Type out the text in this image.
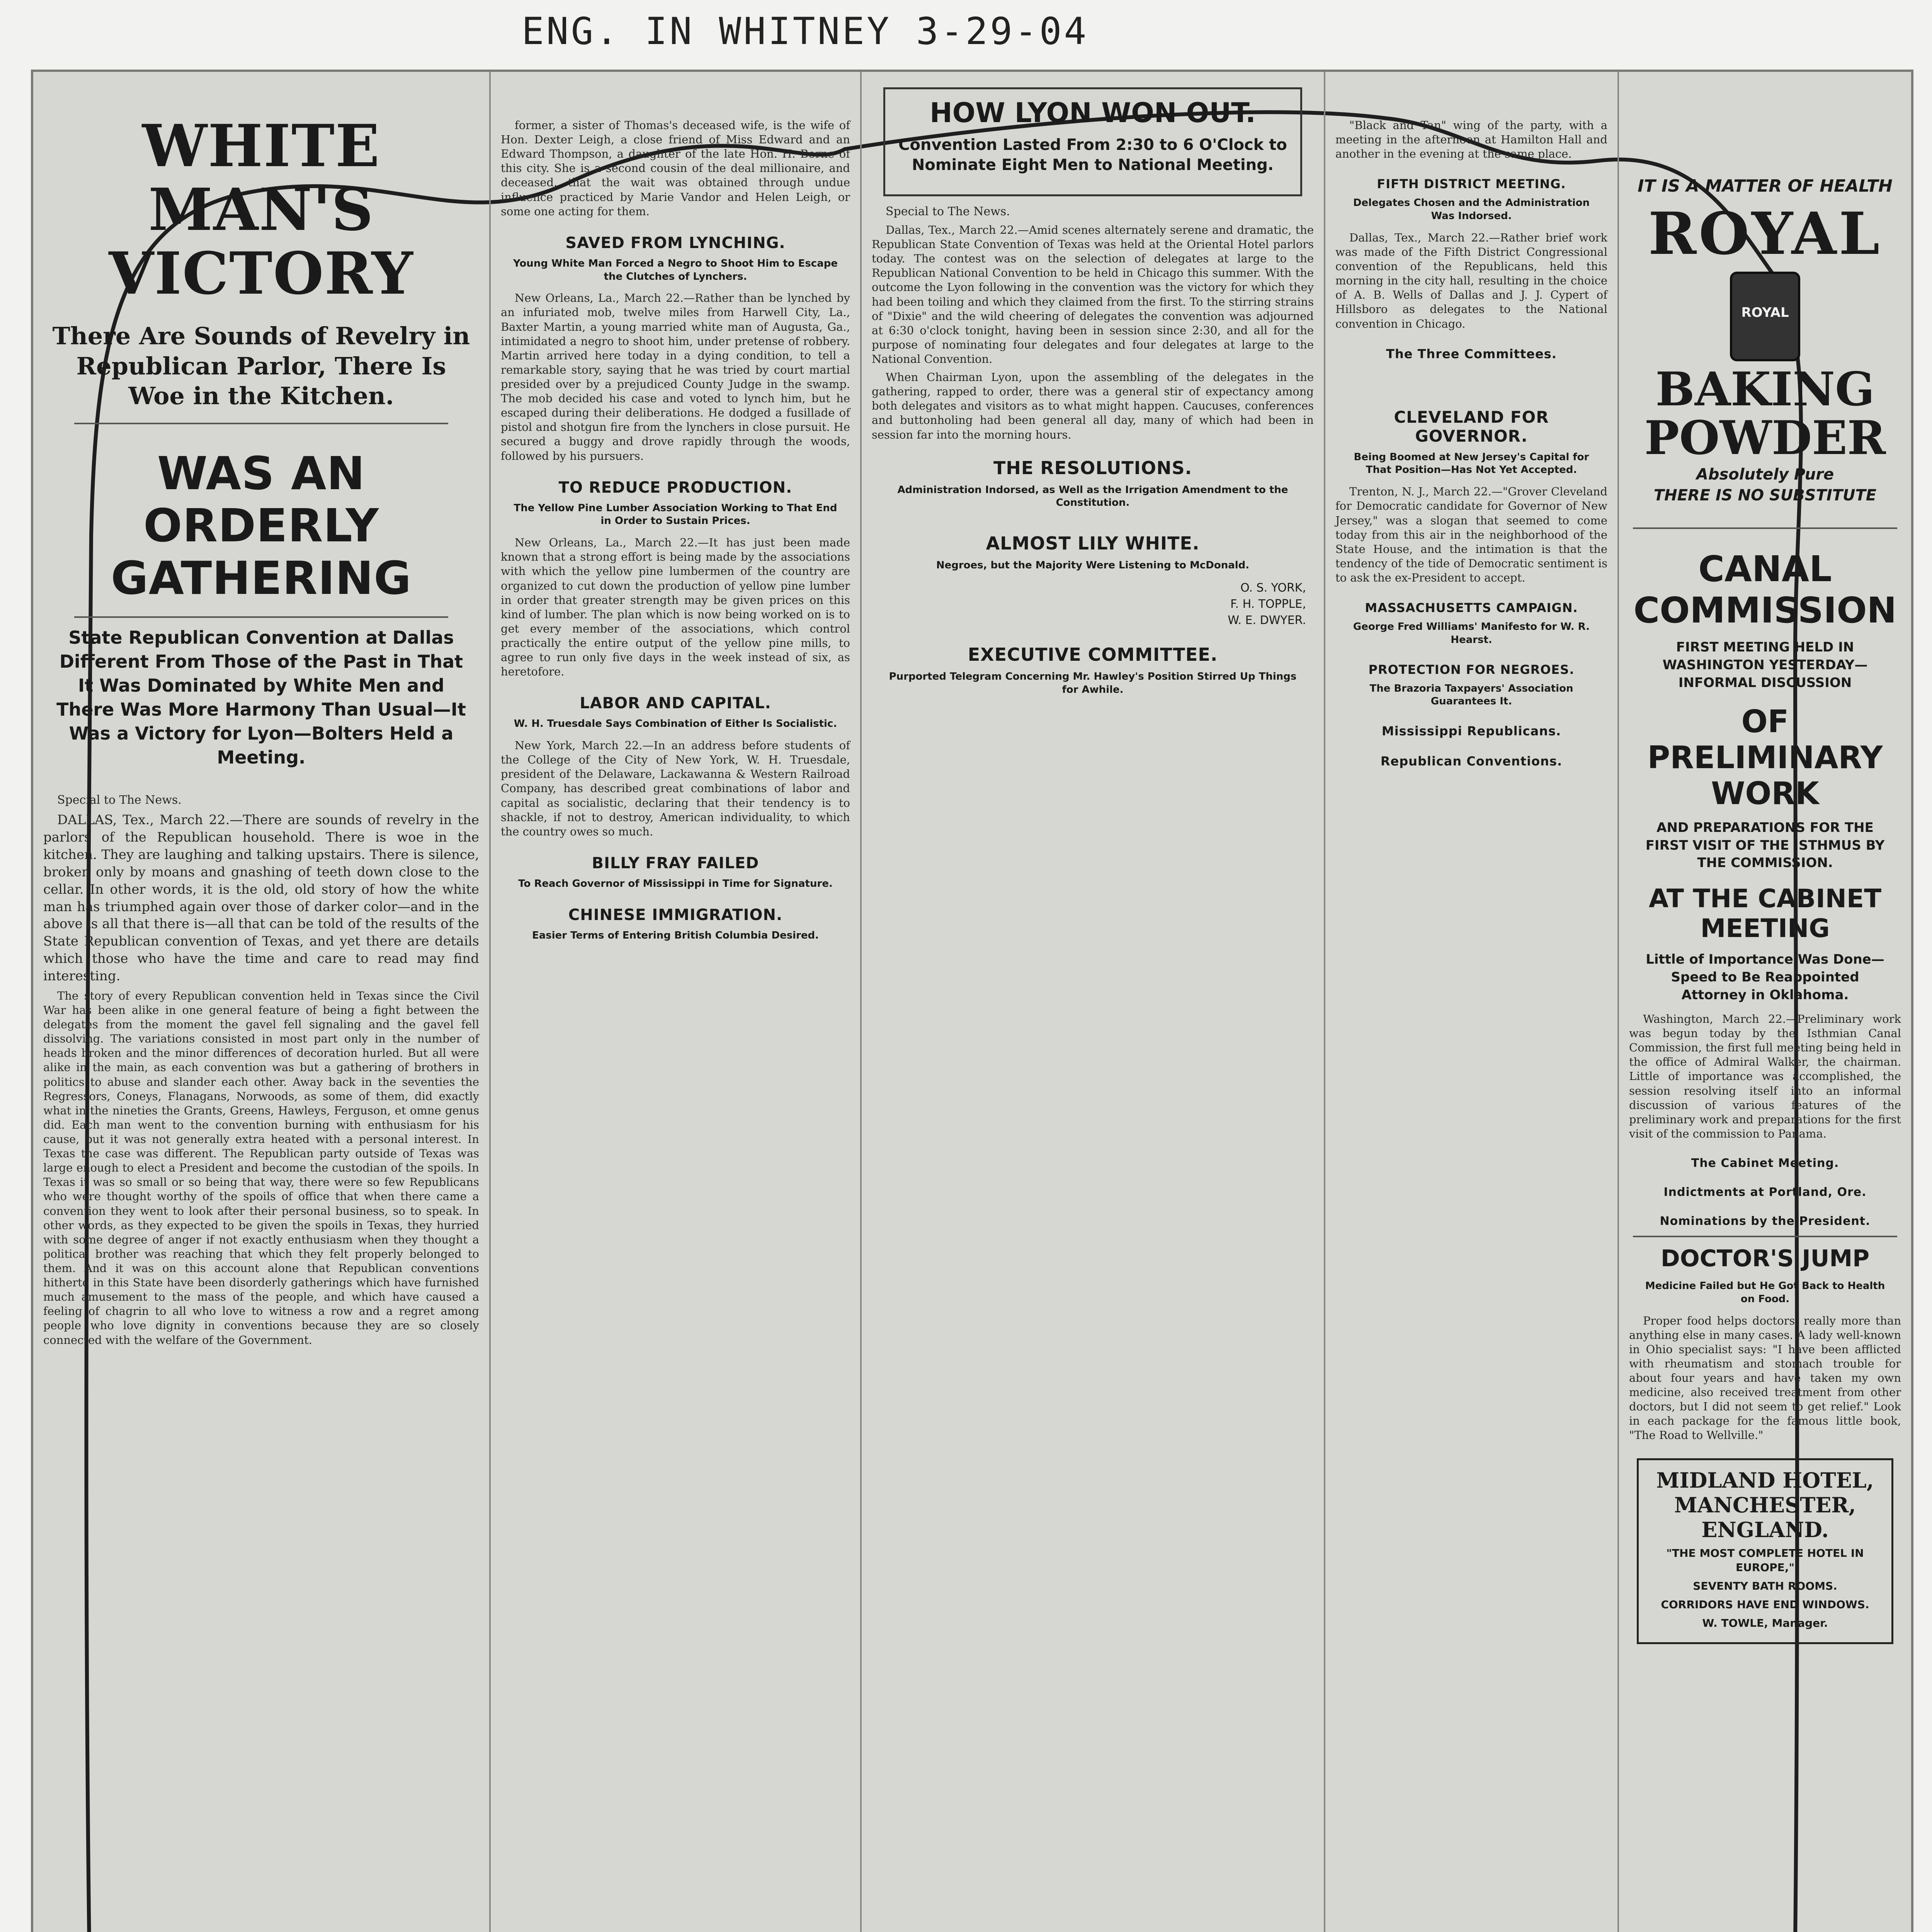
ENG. IN WHITNEY 3-29-04
WHITE MAN'S VICTORY
There Are Sounds of Revelry in Republican Parlor, There Is Woe in the Kitchen.
WAS AN ORDERLY GATHERING
State Republican Convention at Dallas Different From Those of the Past in That It Was Dominated by White Men and There Was More Harmony Than Usual—It Was a Victory for Lyon—Bolters Held a Meeting.

Special to The News.

DALLAS, Tex., March 22.—There are sounds of revelry in the parlors of the Republican household. There is woe in the kitchen. They are laughing and talking upstairs. There is silence, broken only by moans and gnashing of teeth down close to the cellar. In other words, it is the old, old story of how the white man has triumphed again over those of darker color—and in the above is all that there is—all that can be told of the results of the State Republican convention of Texas, and yet there are details which those who have the time and care to read may find interesting.

The story of every Republican convention held in Texas since the Civil War has been alike in one general feature of being a fight between the delegates from the moment the gavel fell signaling and the gavel fell dissolving. The variations consisted in most part only in the number of heads broken and the minor differences of decoration hurled. But all were alike in the main, as each convention was but a gathering of brothers in politics to abuse and slander each other. Away back in the seventies the Regressors, Coneys, Flanagans, Norwoods, as some of them, did exactly what in the nineties the Grants, Greens, Hawleys, Ferguson, et omne genus did. Each man went to the convention burning with enthusiasm for his cause, but it was not generally extra heated with a personal interest. In Texas the case was different. The Republican party outside of Texas was large enough to elect a President and become the custodian of the spoils. In Texas it was so small or so being that way, there were so few Republicans who were thought worthy of the spoils of office that when there came a convention they went to look after their personal business, so to speak. In other words, as they expected to be given the spoils in Texas, they hurried with some degree of anger if not exactly enthusiasm when they thought a political brother was reaching that which they felt properly belonged to them. And it was on this account alone that Republican conventions hitherto in this State have been disorderly gatherings which have furnished much amusement to the mass of the people, and which have caused a feeling of chagrin to all who love to witness a row and a regret among people who love dignity in conventions because they are so closely connected with the welfare of the Government.

former, a sister of Thomas's deceased wife, is the wife of Hon. Dexter Leigh, a close friend of Miss Edward and an Edward Thompson, a daughter of the late Hon. H. Borne of this city. She is a second cousin of the deal millionaire, and deceased, that the wait was obtained through undue influence practiced by Marie Vandor and Helen Leigh, or some one acting for them.

SAVED FROM LYNCHING.
Young White Man Forced a Negro to Shoot Him to Escape the Clutches of Lynchers.

New Orleans, La., March 22.—Rather than be lynched by an infuriated mob, twelve miles from Harwell City, La., Baxter Martin, a young married white man of Augusta, Ga., intimidated a negro to shoot him, under pretense of robbery. Martin arrived here today in a dying condition, to tell a remarkable story, saying that he was tried by court martial presided over by a prejudiced County Judge in the swamp. The mob decided his case and voted to lynch him, but he escaped during their deliberations. He dodged a fusillade of pistol and shotgun fire from the lynchers in close pursuit. He secured a buggy and drove rapidly through the woods, followed by his pursuers.

TO REDUCE PRODUCTION.
The Yellow Pine Lumber Association Working to That End in Order to Sustain Prices.

New Orleans, La., March 22.—It has just been made known that a strong effort is being made by the associations with which the yellow pine lumbermen of the country are organized to cut down the production of yellow pine lumber in order that greater strength may be given prices on this kind of lumber. The plan which is now being worked on is to get every member of the associations, which control practically the entire output of the yellow pine mills, to agree to run only five days in the week instead of six, as heretofore.

LABOR AND CAPITAL.
W. H. Truesdale Says Combination of Either Is Socialistic.

New York, March 22.—In an address before students of the College of the City of New York, W. H. Truesdale, president of the Delaware, Lackawanna & Western Railroad Company, has described great combinations of labor and capital as socialistic, declaring that their tendency is to shackle, if not to destroy, American individuality, to which the country owes so much.

BILLY FRAY FAILED
To Reach Governor of Mississippi in Time for Signature.
CHINESE IMMIGRATION.
Easier Terms of Entering British Columbia Desired.
HOW LYON WON OUT.
Convention Lasted From 2:30 to 6 O'Clock to Nominate Eight Men to National Meeting.

Special to The News.

Dallas, Tex., March 22.—Amid scenes alternately serene and dramatic, the Republican State Convention of Texas was held at the Oriental Hotel parlors today. The contest was on the selection of delegates at large to the Republican National Convention to be held in Chicago this summer. With the outcome the Lyon following in the convention was the victory for which they had been toiling and which they claimed from the first. To the stirring strains of "Dixie" and the wild cheering of delegates the convention was adjourned at 6:30 o'clock tonight, having been in session since 2:30, and all for the purpose of nominating four delegates and four delegates at large to the National Convention.

When Chairman Lyon, upon the assembling of the delegates in the gathering, rapped to order, there was a general stir of expectancy among both delegates and visitors as to what might happen. Caucuses, conferences and buttonholing had been general all day, many of which had been in session far into the morning hours.

THE RESOLUTIONS.
Administration Indorsed, as Well as the Irrigation Amendment to the Constitution.
ALMOST LILY WHITE.
Negroes, but the Majority Were Listening to McDonald.
O. S. YORK,
F. H. TOPPLE,
W. E. DWYER.
EXECUTIVE COMMITTEE.
Purported Telegram Concerning Mr. Hawley's Position Stirred Up Things for Awhile.

"Black and Tan" wing of the party, with a meeting in the afternoon at Hamilton Hall and another in the evening at the same place.

FIFTH DISTRICT MEETING.
Delegates Chosen and the Administration Was Indorsed.

Dallas, Tex., March 22.—Rather brief work was made of the Fifth District Congressional convention of the Republicans, held this morning in the city hall, resulting in the choice of A. B. Wells of Dallas and J. J. Cypert of Hillsboro as delegates to the National convention in Chicago.

The Three Committees.
CLEVELAND FOR GOVERNOR.
Being Boomed at New Jersey's Capital for That Position—Has Not Yet Accepted.

Trenton, N. J., March 22.—"Grover Cleveland for Democratic candidate for Governor of New Jersey," was a slogan that seemed to come today from this air in the neighborhood of the State House, and the intimation is that the tendency of the tide of Democratic sentiment is to ask the ex-President to accept.

MASSACHUSETTS CAMPAIGN.
George Fred Williams' Manifesto for W. R. Hearst.
PROTECTION FOR NEGROES.
The Brazoria Taxpayers' Association Guarantees It.
Mississippi Republicans.
Republican Conventions.
IT IS A MATTER OF HEALTH
ROYAL
ROYAL
BAKING POWDER
Absolutely Pure
THERE IS NO SUBSTITUTE
CANAL COMMISSION
FIRST MEETING HELD IN WASHINGTON YESTERDAY—INFORMAL DISCUSSION
OF PRELIMINARY WORK
AND PREPARATIONS FOR THE FIRST VISIT OF THE ISTHMUS BY THE COMMISSION.
AT THE CABINET MEETING
Little of Importance Was Done—Speed to Be Reappointed Attorney in Oklahoma.

Washington, March 22.—Preliminary work was begun today by the Isthmian Canal Commission, the first full meeting being held in the office of Admiral Walker, the chairman. Little of importance was accomplished, the session resolving itself into an informal discussion of various features of the preliminary work and preparations for the first visit of the commission to Panama.

The Cabinet Meeting.
Indictments at Portland, Ore.
Nominations by the President.
DOCTOR'S JUMP
Medicine Failed but He Got Back to Health on Food.

Proper food helps doctors, really more than anything else in many cases. A lady well-known in Ohio specialist says: "I have been afflicted with rheumatism and stomach trouble for about four years and have taken my own medicine, also received treatment from other doctors, but I did not seem to get relief." Look in each package for the famous little book, "The Road to Wellville."

MIDLAND HOTEL, MANCHESTER, ENGLAND.
"THE MOST COMPLETE HOTEL IN EUROPE,"
SEVENTY BATH ROOMS.
CORRIDORS HAVE END WINDOWS.
W. TOWLE, Manager.
